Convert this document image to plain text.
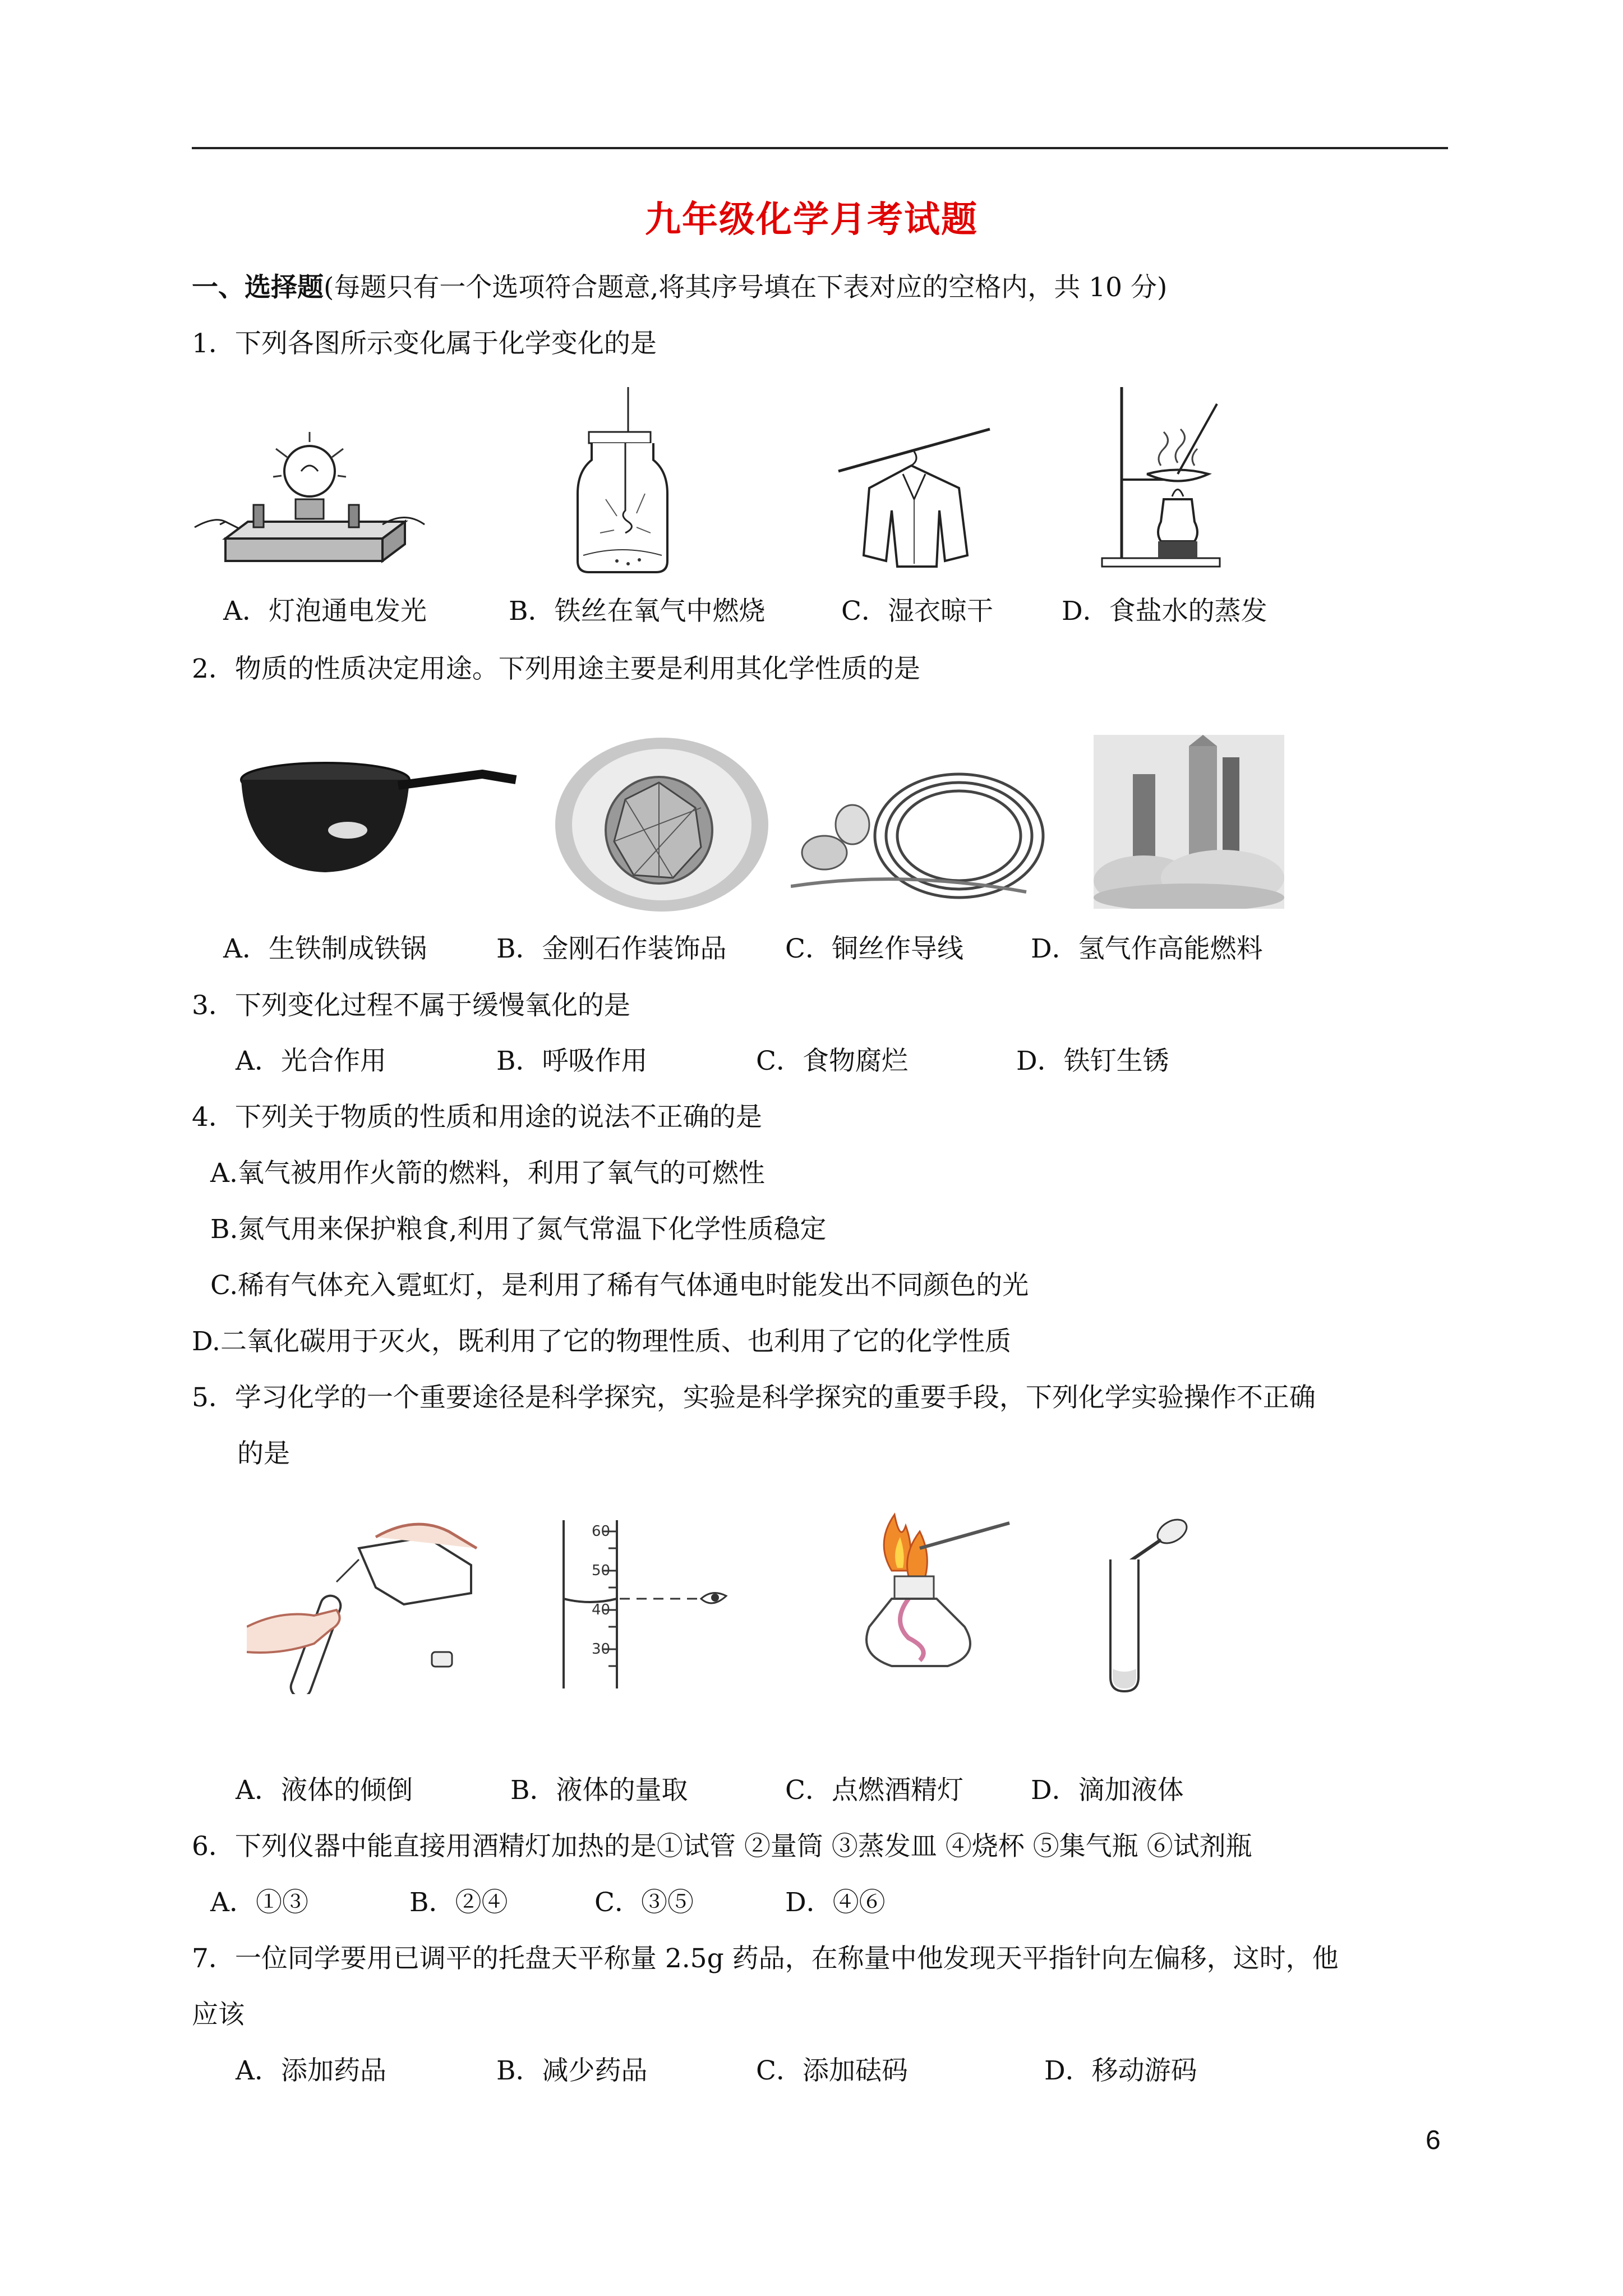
九年级化学月考试题
一、选择题(每题只有一个选项符合题意,将其序号填在下表对应的空格内，共 10 分)
1．下列各图所示变化属于化学变化的是
A．灯泡通电发光	B．铁丝在氧气中燃烧	C．湿衣晾干	D．食盐水的蒸发
2．物质的性质决定用途。下列用途主要是利用其化学性质的是
A．生铁制成铁锅	B．金刚石作装饰品 C．铜丝作导线	D．氢气作高能燃料
3．下列变化过程不属于缓慢氧化的是
A．光合作用	B．呼吸作用	C．食物腐烂	D．铁钉生锈
4．下列关于物质的性质和用途的说法不正确的是
A.氧气被用作火箭的燃料，利用了氧气的可燃性
B.氮气用来保护粮食,利用了氮气常温下化学性质稳定
C.稀有气体充入霓虹灯，是利用了稀有气体通电时能发出不同颜色的光
D.二氧化碳用于灭火，既利用了它的物理性质、也利用了它的化学性质
5．学习化学的一个重要途径是科学探究，实验是科学探究的重要手段，下列化学实验操作不正确
的是
60
50
40
30
A．液体的倾倒	B．液体的量取	C．点燃酒精灯	D．滴加液体
6．下列仪器中能直接用酒精灯加热的是①试管 ②量筒 ③蒸发皿 ④烧杯 ⑤集气瓶 ⑥试剂瓶
A．①③	B．②④	C．③⑤	D．④⑥
7．一位同学要用已调平的托盘天平称量 2.5g 药品，在称量中他发现天平指针向左偏移，这时，他
应该
A．添加药品	B．减少药品	C．添加砝码	D．移动游码
6
